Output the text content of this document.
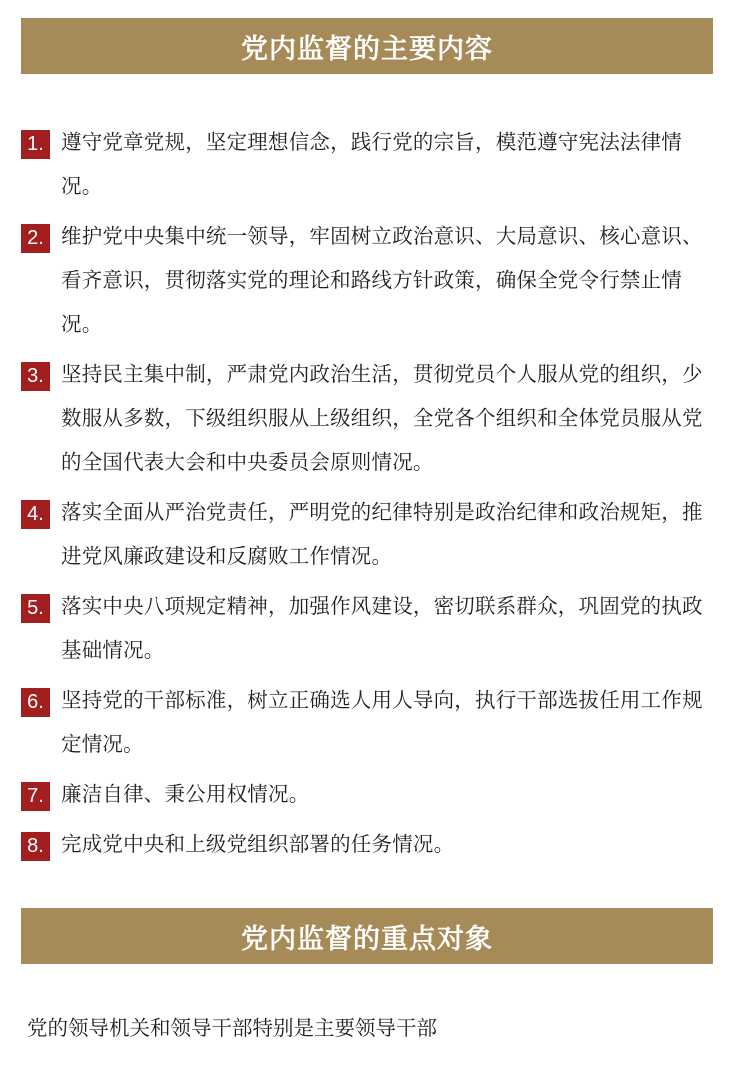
党内监督的主要内容
1. 遵守党章党规，坚定理想信念，践行党的宗旨，模范遵守宪法法律情况。
2. 维护党中央集中统一领导，牢固树立政治意识、大局意识、核心意识、看齐意识，贯彻落实党的理论和路线方针政策，确保全党令行禁止情况。
3. 坚持民主集中制，严肃党内政治生活，贯彻党员个人服从党的组织，少数服从多数，下级组织服从上级组织，全党各个组织和全体党员服从党的全国代表大会和中央委员会原则情况。
4. 落实全面从严治党责任，严明党的纪律特别是政治纪律和政治规矩，推进党风廉政建设和反腐败工作情况。
5. 落实中央八项规定精神，加强作风建设，密切联系群众，巩固党的执政基础情况。
6. 坚持党的干部标准，树立正确选人用人导向，执行干部选拔任用工作规定情况。
7. 廉洁自律、秉公用权情况。
8. 完成党中央和上级党组织部署的任务情况。
党内监督的重点对象
党的领导机关和领导干部特别是主要领导干部
